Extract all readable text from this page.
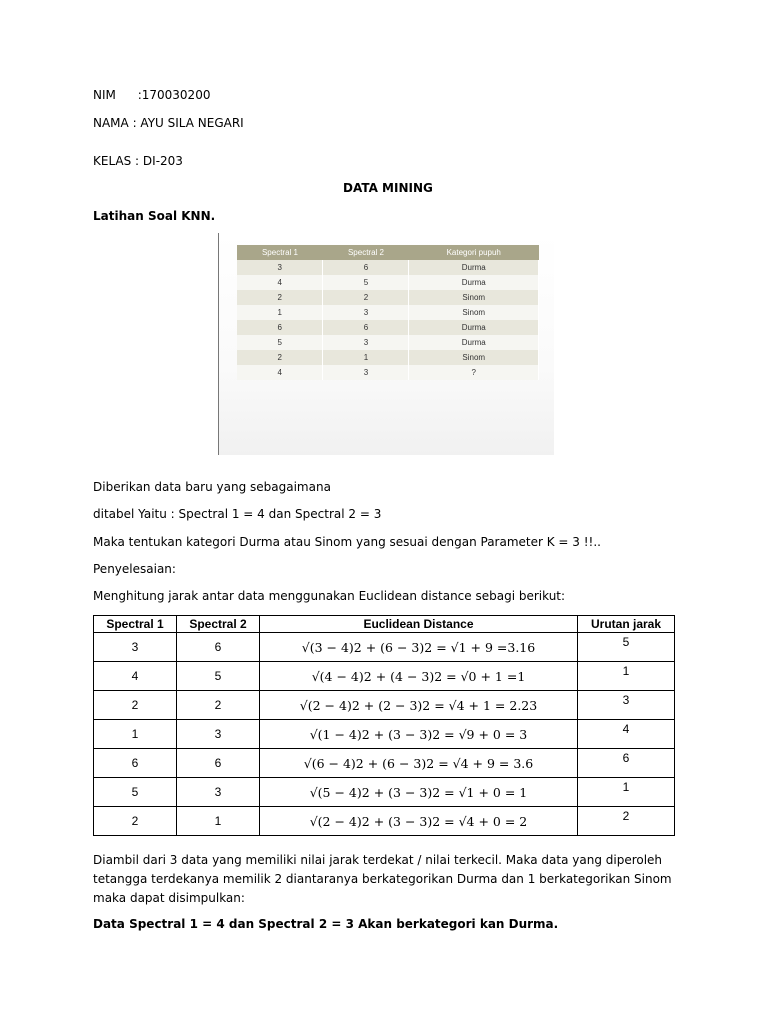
NIM :170030200
NAMA : AYU SILA NEGARI
KELAS : DI-203
DATA MINING
Latihan Soal KNN.
Spectral 1	Spectral 2	Kategori pupuh
3	6	Durma
4	5	Durma
2	2	Sinom
1	3	Sinom
6	6	Durma
5	3	Durma
2	1	Sinom
4	3	?
Diberikan data baru yang sebagaimana
ditabel Yaitu : Spectral 1 = 4 dan Spectral 2 = 3
Maka tentukan kategori Durma atau Sinom yang sesuai dengan Parameter K = 3 !!..
Penyelesaian:
Menghitung jarak antar data menggunakan Euclidean distance sebagi berikut:
Spectral 1	Spectral 2	Euclidean Distance	Urutan jarak
3	6	√(3 − 4)2 + (6 − 3)2 = √1 + 9 =3.16	5
4	5	√(4 − 4)2 + (4 − 3)2 = √0 + 1 =1	1
2	2	√(2 − 4)2 + (2 − 3)2 = √4 + 1 = 2.23	3
1	3	√(1 − 4)2 + (3 − 3)2 = √9 + 0 = 3	4
6	6	√(6 − 4)2 + (6 − 3)2 = √4 + 9 = 3.6	6
5	3	√(5 − 4)2 + (3 − 3)2 = √1 + 0 = 1	1
2	1	√(2 − 4)2 + (3 − 3)2 = √4 + 0 = 2	2
Diambil dari 3 data yang memiliki nilai jarak terdekat / nilai terkecil. Maka data yang diperoleh
tetangga terdekanya memilik 2 diantaranya berkategorikan Durma dan 1 berkategorikan Sinom
maka dapat disimpulkan:
Data Spectral 1 = 4 dan Spectral 2 = 3 Akan berkategori kan Durma.
